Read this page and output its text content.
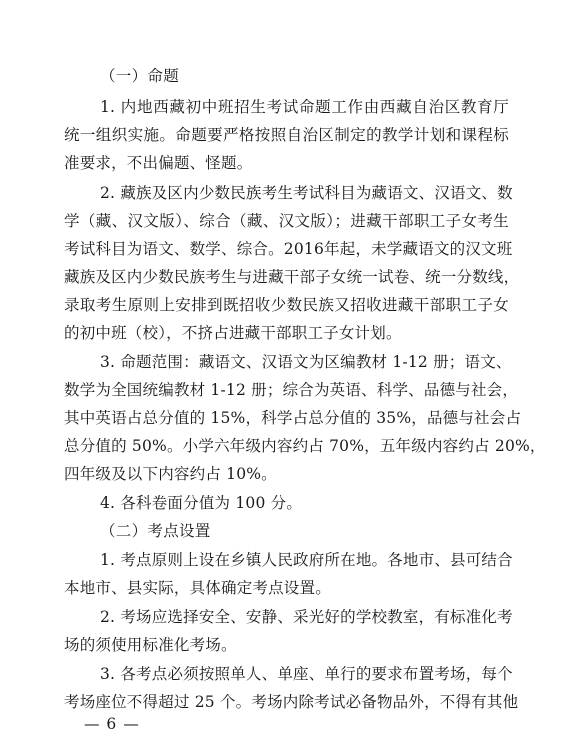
（一）命题
1. 内地西藏初中班招生考试命题工作由西藏自治区教育厅
统一组织实施。命题要严格按照自治区制定的教学计划和课程标
准要求，不出偏题、怪题。
2. 藏族及区内少数民族考生考试科目为藏语文、汉语文、数
学（藏、汉文版）、综合（藏、汉文版）；进藏干部职工子女考生
考试科目为语文、数学、综合。2016年起，未学藏语文的汉文班
藏族及区内少数民族考生与进藏干部子女统一试卷、统一分数线，
录取考生原则上安排到既招收少数民族又招收进藏干部职工子女
的初中班（校），不挤占进藏干部职工子女计划。
3. 命题范围：藏语文、汉语文为区编教材 1-12 册；语文、
数学为全国统编教材 1-12 册；综合为英语、科学、品德与社会，
其中英语占总分值的 15%，科学占总分值的 35%，品德与社会占
总分值的 50%。小学六年级内容约占 70%，五年级内容约占 20%，
四年级及以下内容约占 10%。
4. 各科卷面分值为 100 分。
（二）考点设置
1. 考点原则上设在乡镇人民政府所在地。各地市、县可结合
本地市、县实际，具体确定考点设置。
2. 考场应选择安全、安静、采光好的学校教室，有标准化考
场的须使用标准化考场。
3. 各考点必须按照单人、单座、单行的要求布置考场，每个
考场座位不得超过 25 个。考场内除考试必备物品外，不得有其他
— 6 —
